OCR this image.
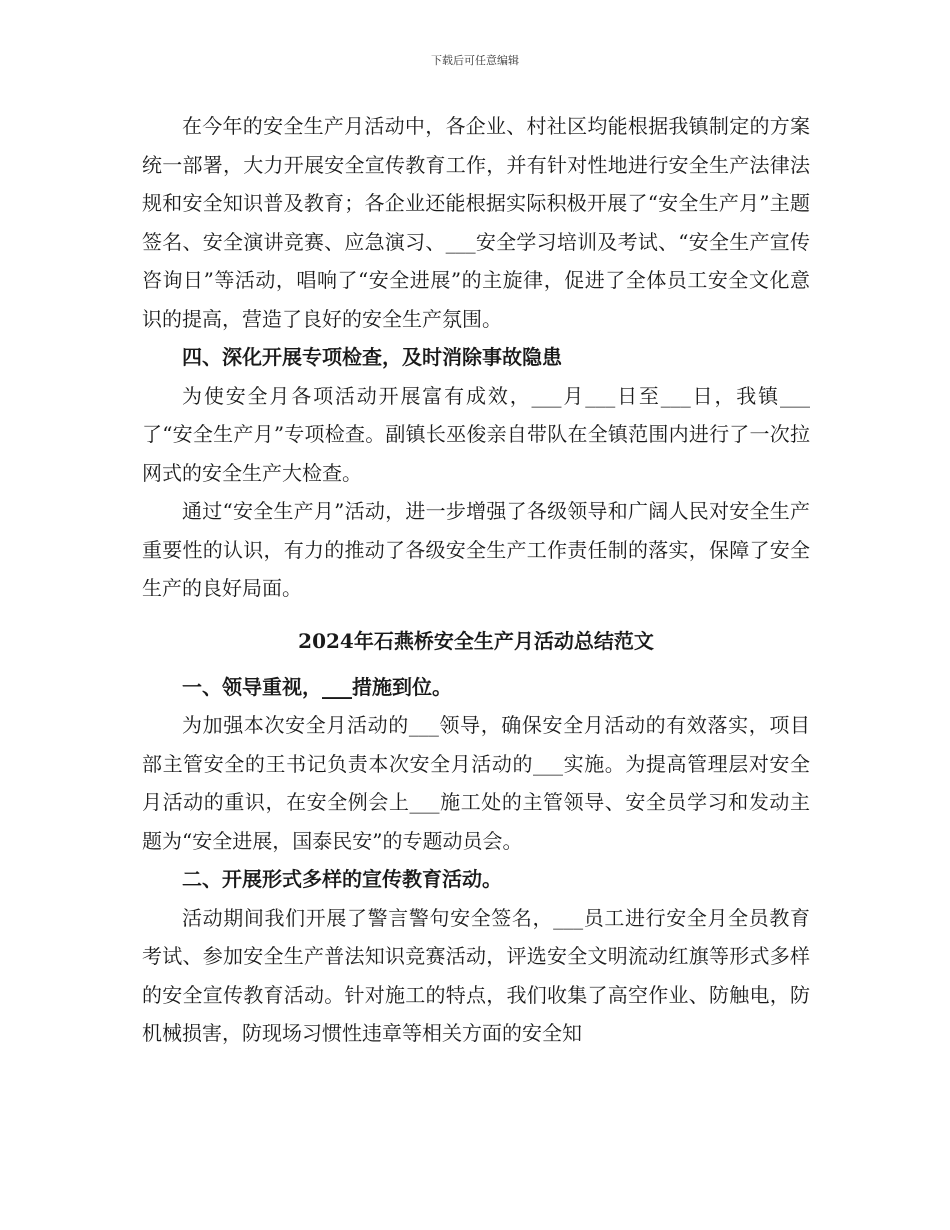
下载后可任意编辑

在今年的安全生产月活动中，各企业、村社区均能根据我镇制定的方案统一部署，大力开展安全宣传教育工作，并有针对性地进行安全生产法律法规和安全知识普及教育；各企业还能根据实际积极开展了“安全生产月”主题签名、安全演讲竞赛、应急演习、___安全学习培训及考试、“安全生产宣传咨询日”等活动，唱响了“安全进展”的主旋律，促进了全体员工安全文化意识的提高，营造了良好的安全生产氛围。

四、深化开展专项检查，及时消除事故隐患

为使安全月各项活动开展富有成效，___月___日至___日，我镇___了“安全生产月”专项检查。副镇长巫俊亲自带队在全镇范围内进行了一次拉网式的安全生产大检查。

通过“安全生产月”活动，进一步增强了各级领导和广阔人民对安全生产重要性的认识，有力的推动了各级安全生产工作责任制的落实，保障了安全生产的良好局面。

2024年石燕桥安全生产月活动总结范文

一、领导重视，___措施到位。

为加强本次安全月活动的___领导，确保安全月活动的有效落实，项目部主管安全的王书记负责本次安全月活动的___实施。为提高管理层对安全月活动的重识，在安全例会上___施工处的主管领导、安全员学习和发动主题为“安全进展，国泰民安”的专题动员会。

二、开展形式多样的宣传教育活动。

活动期间我们开展了警言警句安全签名，___员工进行安全月全员教育考试、参加安全生产普法知识竞赛活动，评选安全文明流动红旗等形式多样的安全宣传教育活动。针对施工的特点，我们收集了高空作业、防触电，防机械损害，防现场习惯性违章等相关方面的安全知
